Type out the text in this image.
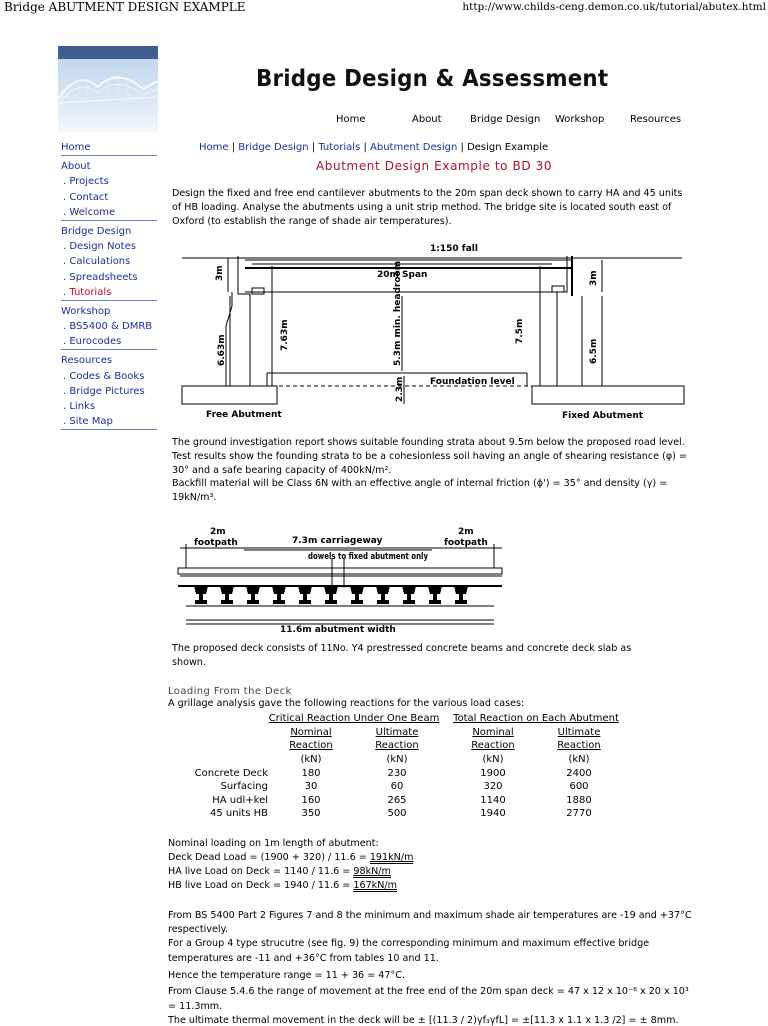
Bridge ABUTMENT DESIGN EXAMPLE	http://www.childs-ceng.demon.co.uk/tutorial/abutex.html
Bridge Design & Assessment
Home	About	Bridge Design Workshop	Resources
Home
About
. Projects
. Contact
. Welcome
Bridge Design
. Design Notes
. Calculations
. Spreadsheets
. Tutorials
Workshop
. BS5400 & DMRB
. Eurocodes
Resources
. Codes & Books
. Bridge Pictures
. Links
. Site Map
Home | Bridge Design | Tutorials | Abutment Design | Design Example
Abutment Design Example to BD 30
Design the fixed and free end cantilever abutments to the 20m span deck shown to carry HA and 45 units of HB loading. Analyse the abutments using a unit strip method. The bridge site is located south east of Oxford (to establish the range of shade air temperatures).
1:150 fall
20m Span
3m
6.63m	7.63m	5.3m min. headroom	7.5m
3m
6.5m
2.3m	Foundation level
Free Abutment	Fixed Abutment
The ground investigation report shows suitable founding strata about 9.5m below the proposed road level.
Test results show the founding strata to be a cohesionless soil having an angle of shearing resistance (φ) =
30° and a safe bearing capacity of 400kN/m².
Backfill material will be Class 6N with an effective angle of internal friction (ϕ') = 35° and density (γ) =
19kN/m³.
2m
footpath	7.3m carriageway
2m
footpath
dowels to fixed abutment only
11.6m abutment width
The proposed deck consists of 11No. Y4 prestressed concrete beams and concrete deck slab as
shown.
Loading From the Deck
A grillage analysis gave the following reactions for the various load cases:
	Critical Reaction Under One Beam			Total Reaction on Each Abutment	
	Nominal	Ultimate		Nominal	Ultimate
	Reaction	Reaction		Reaction	Reaction
	(kN)	(kN)		(kN)	(kN)
Concrete Deck	180	230		1900	2400
Surfacing	30	60		320	600
HA udl+kel	160	265		1140	1880
45 units HB	350	500		1940	2770
Nominal loading on 1m length of abutment:
Deck Dead Load = (1900 + 320) / 11.6 = 191kN/m
HA live Load on Deck = 1140 / 11.6 = 98kN/m
HB live Load on Deck = 1940 / 11.6 = 167kN/m
From BS 5400 Part 2 Figures 7 and 8 the minimum and maximum shade air temperatures are -19 and +37°C
respectively.
For a Group 4 type strucutre (see fig. 9) the corresponding minimum and maximum effective bridge
temperatures are -11 and +36°C from tables 10 and 11.
Hence the temperature range = 11 + 36 = 47°C.
From Clause 5.4.6 the range of movement at the free end of the 20m span deck = 47 x 12 x 10⁻⁶ x 20 x 10³
= 11.3mm.
The ultimate thermal movement in the deck will be ± [(11.3 / 2)γf₃γfL] = ±[11.3 x 1.1 x 1.3 /2] = ± 8mm.
